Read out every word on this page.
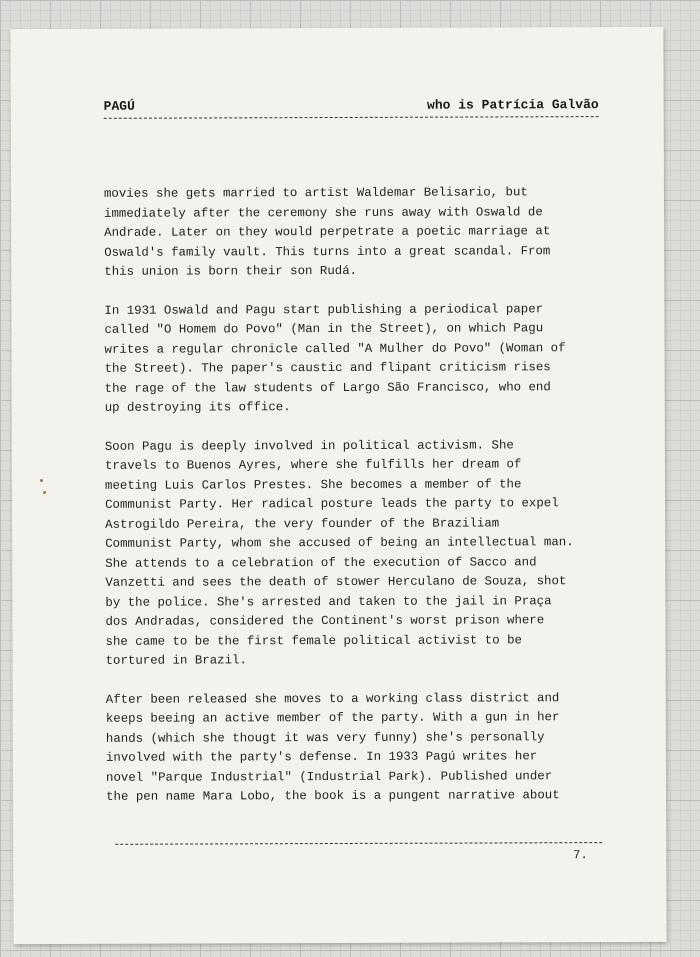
PAGÚ	who is Patrícia Galvão

movies she gets married to artist Waldemar Belisario, but
immediately after the ceremony she runs away with Oswald de
Andrade. Later on they would perpetrate a poetic marriage at
Oswald's family vault. This turns into a great scandal. From
this union is born their son Rudá.

In 1931 Oswald and Pagu start publishing a periodical paper
called "O Homem do Povo" (Man in the Street), on which Pagu
writes a regular chronicle called "A Mulher do Povo" (Woman of
the Street). The paper's caustic and flipant criticism rises
the rage of the law students of Largo São Francisco, who end
up destroying its office.

Soon Pagu is deeply involved in political activism. She
travels to Buenos Ayres, where she fulfills her dream of
meeting Luis Carlos Prestes. She becomes a member of the
Communist Party. Her radical posture leads the party to expel
Astrogildo Pereira, the very founder of the Braziliam
Communist Party, whom she accused of being an intellectual man.
She attends to a celebration of the execution of Sacco and
Vanzetti and sees the death of stower Herculano de Souza, shot
by the police. She's arrested and taken to the jail in Praça
dos Andradas, considered the Continent's worst prison where
she came to be the first female political activist to be
tortured in Brazil.

After been released she moves to a working class district and
keeps beeing an active member of the party. With a gun in her
hands (which she thougt it was very funny) she's personally
involved with the party's defense. In 1933 Pagú writes her
novel "Parque Industrial" (Industrial Park). Published under
the pen name Mara Lobo, the book is a pungent narrative about

7.
